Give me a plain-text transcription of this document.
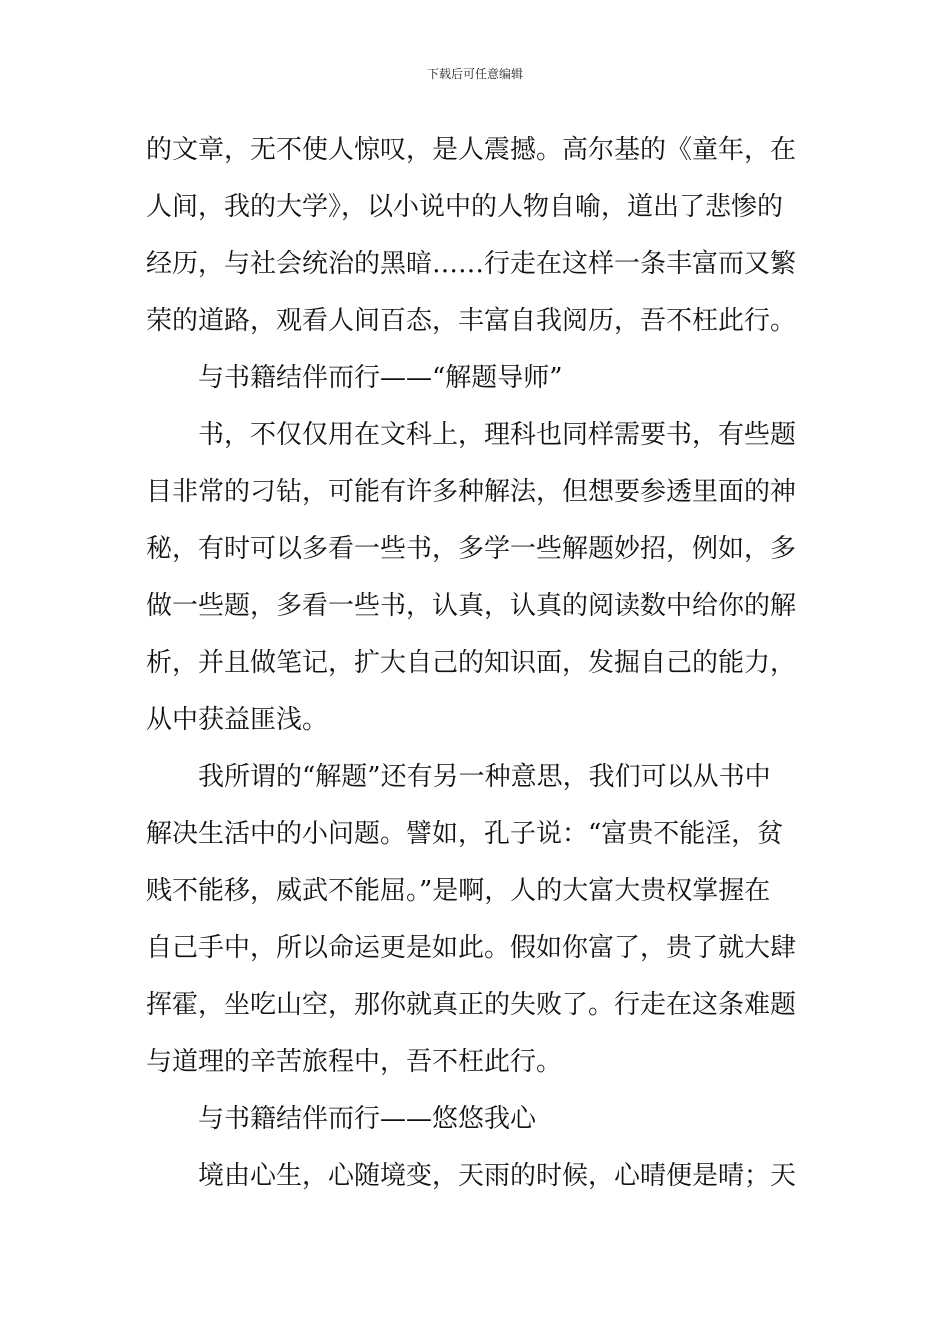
下载后可任意编辑
的文章，无不使人惊叹，是人震撼。高尔基的《童年，在
人间，我的大学》，以小说中的人物自喻，道出了悲惨的
经历，与社会统治的黑暗……行走在这样一条丰富而又繁
荣的道路，观看人间百态，丰富自我阅历，吾不枉此行。
与书籍结伴而行——“解题导师”
书，不仅仅用在文科上，理科也同样需要书，有些题
目非常的刁钻，可能有许多种解法，但想要参透里面的神
秘，有时可以多看一些书，多学一些解题妙招，例如，多
做一些题，多看一些书，认真，认真的阅读数中给你的解
析，并且做笔记，扩大自己的知识面，发掘自己的能力，
从中获益匪浅。
我所谓的“解题”还有另一种意思，我们可以从书中
解决生活中的小问题。譬如，孔子说：“富贵不能淫，贫
贱不能移，威武不能屈。”是啊，人的大富大贵权掌握在
自己手中，所以命运更是如此。假如你富了，贵了就大肆
挥霍，坐吃山空，那你就真正的失败了。行走在这条难题
与道理的辛苦旅程中，吾不枉此行。
与书籍结伴而行——悠悠我心
境由心生，心随境变，天雨的时候，心晴便是晴；天
